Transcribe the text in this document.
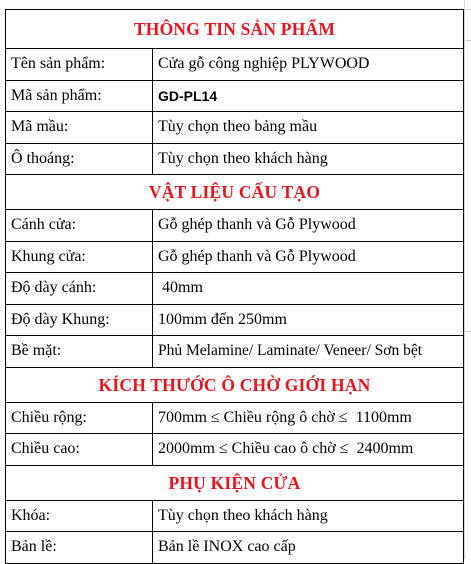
THÔNG TIN SẢN PHẨM	
Tên sản phẩm:	Cửa gỗ công nghiệp PLYWOOD
Mã sản phẩm:	GD-PL14
Mã mầu:	Tùy chọn theo bảng mầu
Ô thoáng:	Tùy chọn theo khách hàng
VẬT LIỆU CẤU TẠO	
Cánh cửa:	Gỗ ghép thanh và Gỗ Plywood
Khung cửa:	Gỗ ghép thanh và Gỗ Plywood
Độ dày cánh:	40mm
Độ dày Khung:	100mm đến 250mm
Bề mặt:	Phủ Melamine/ Laminate/ Veneer/ Sơn bệt
KÍCH THƯỚC Ô CHỜ GIỚI HẠN	
Chiều rộng:	700mm ≤ Chiều rộng ô chờ ≤  1100mm
Chiều cao:	2000mm ≤ Chiều cao ô chờ ≤  2400mm
PHỤ KIỆN CỬA	
Khóa:	Tùy chọn theo khách hàng
Bản lề:	Bản lề INOX cao cấp
